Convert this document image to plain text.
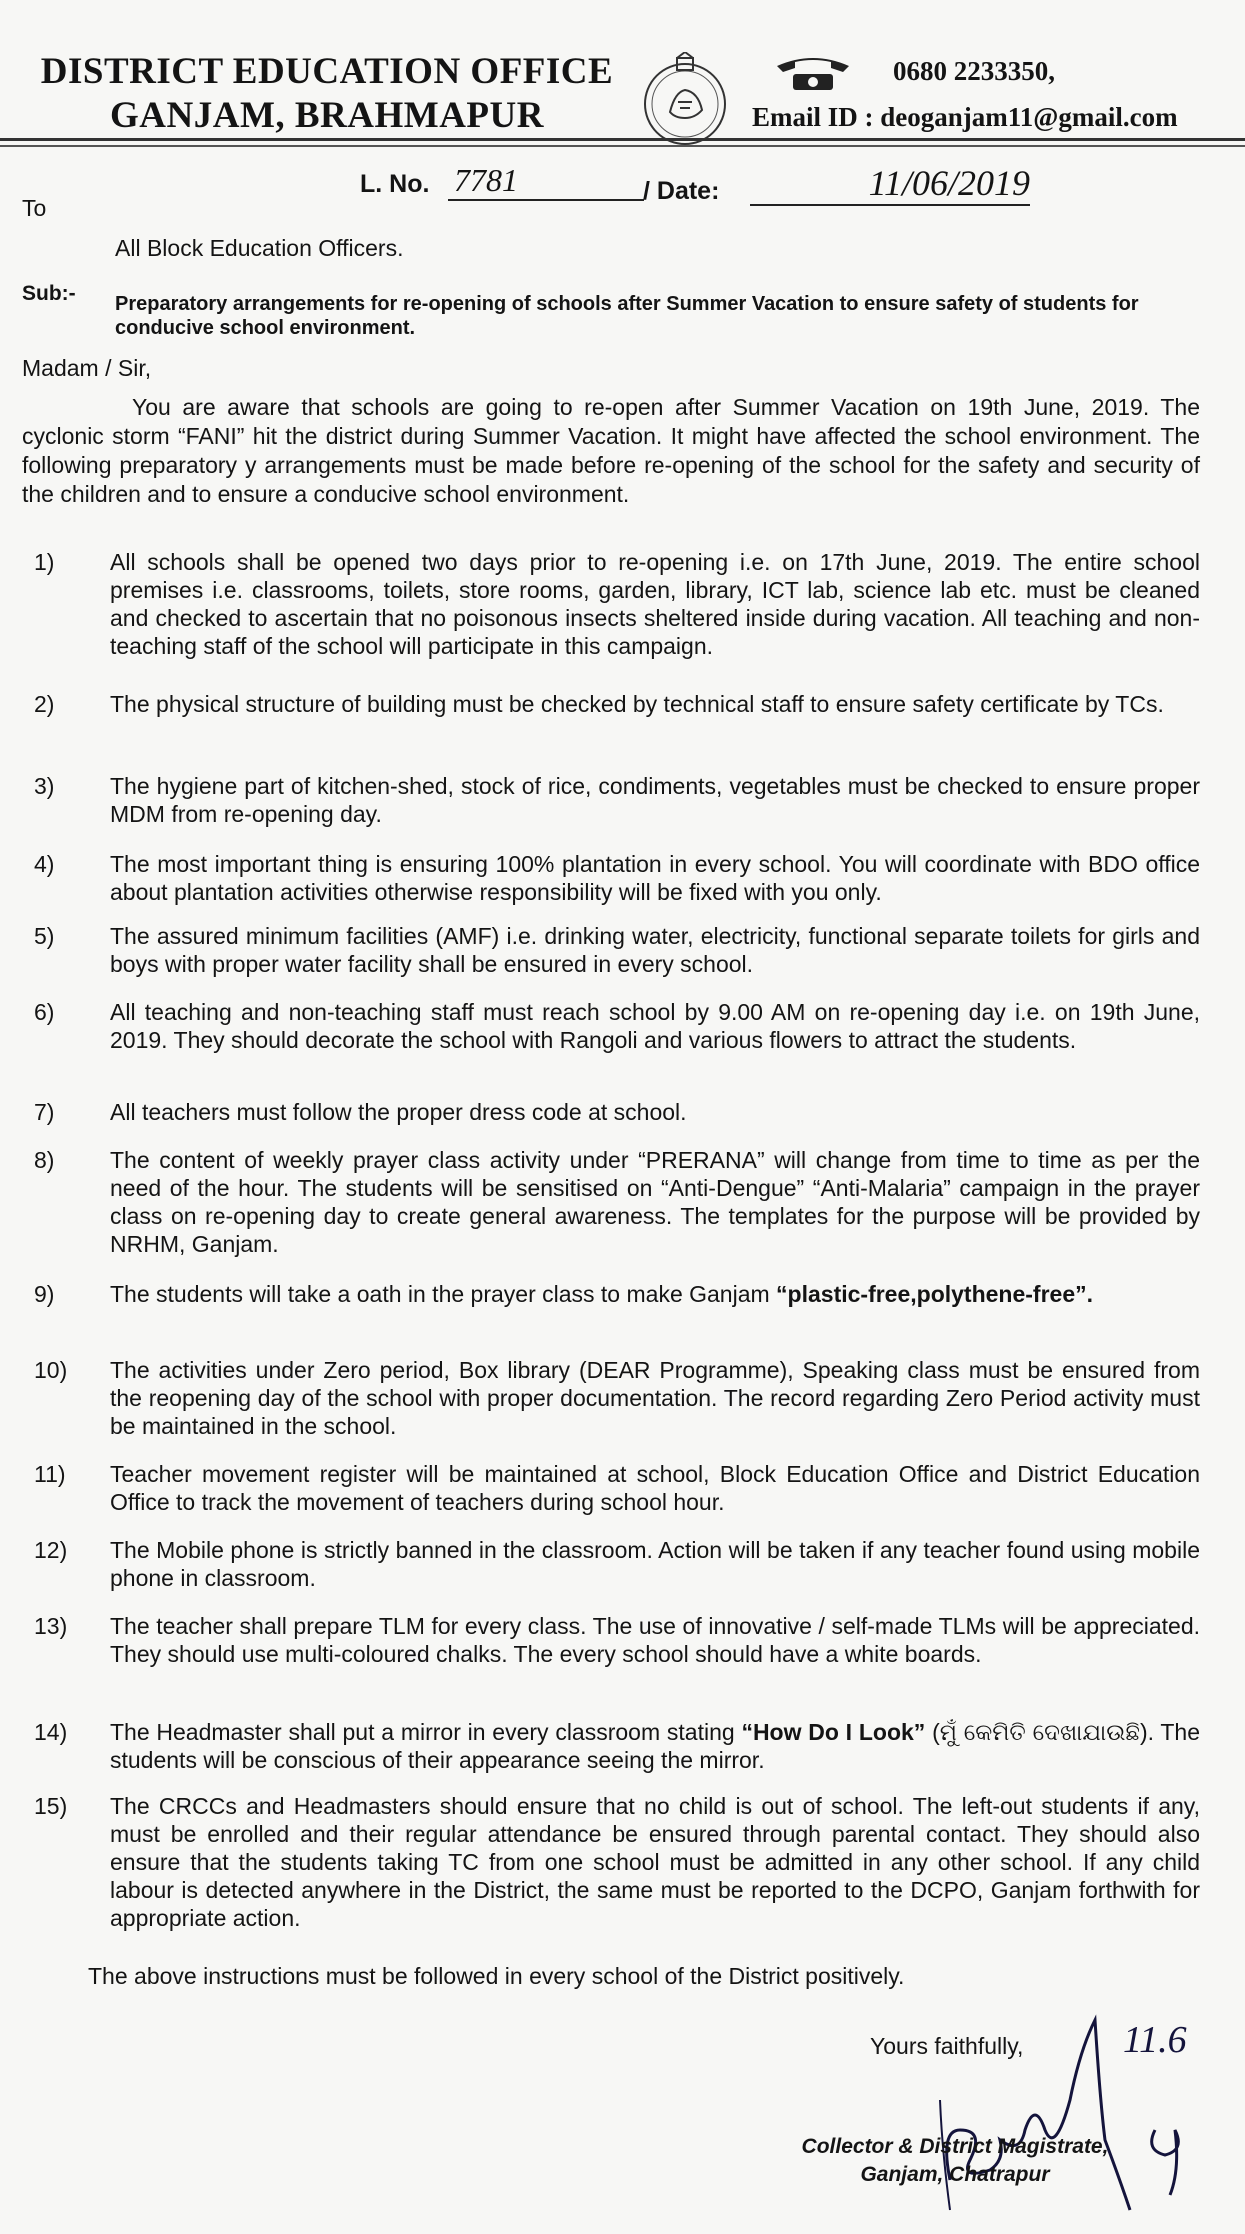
DISTRICT EDUCATION OFFICE
GANJAM, BRAHMAPUR
0680 2233350,
Email ID : deoganjam11@gmail.com
To
L. No. 7781	/ Date:	11/06/2019
All Block Education Officers.
Sub:- Preparatory arrangements for re-opening of schools after Summer Vacation to ensure safety of students for conducive school environment.
Madam / Sir,

You are aware that schools are going to re-open after Summer Vacation on 19th June, 2019. The cyclonic storm “FANI” hit the district during Summer Vacation. It might have affected the school environment. The following preparatory y arrangements must be made before re-opening of the school for the safety and security of the children and to ensure a conducive school environment.

1)	All schools shall be opened two days prior to re-opening i.e. on 17th June, 2019. The entire school premises i.e. classrooms, toilets, store rooms, garden, library, ICT lab, science lab etc. must be cleaned and checked to ascertain that no poisonous insects sheltered inside during vacation. All teaching and non-teaching staff of the school will participate in this campaign.
2)	The physical structure of building must be checked by technical staff to ensure safety certificate by TCs.
3)	The hygiene part of kitchen-shed, stock of rice, condiments, vegetables must be checked to ensure proper MDM from re-opening day.
4)	The most important thing is ensuring 100% plantation in every school. You will coordinate with BDO office about plantation activities otherwise responsibility will be fixed with you only.
5)	The assured minimum facilities (AMF) i.e. drinking water, electricity, functional separate toilets for girls and boys with proper water facility shall be ensured in every school.
6)	All teaching and non-teaching staff must reach school by 9.00 AM on re-opening day i.e. on 19th June, 2019. They should decorate the school with Rangoli and various flowers to attract the students.
7)	All teachers must follow the proper dress code at school.
8)	The content of weekly prayer class activity under “PRERANA” will change from time to time as per the need of the hour. The students will be sensitised on “Anti-Dengue” “Anti-Malaria” campaign in the prayer class on re-opening day to create general awareness. The templates for the purpose will be provided by NRHM, Ganjam.
9)	The students will take a oath in the prayer class to make Ganjam “plastic-free,polythene-free”.
10)	The activities under Zero period, Box library (DEAR Programme), Speaking class must be ensured from the reopening day of the school with proper documentation. The record regarding Zero Period activity must be maintained in the school.
11)	Teacher movement register will be maintained at school, Block Education Office and District Education Office to track the movement of teachers during school hour.
12)	The Mobile phone is strictly banned in the classroom. Action will be taken if any teacher found using mobile phone in classroom.
13)	The teacher shall prepare TLM for every class. The use of innovative / self-made TLMs will be appreciated. They should use multi-coloured chalks. The every school should have a white boards.
14)	The Headmaster shall put a mirror in every classroom stating “How Do I Look” (ମୁଁ କେମିତି ଦେଖାଯାଉଛି). The students will be conscious of their appearance seeing the mirror.
15)	The CRCCs and Headmasters should ensure that no child is out of school. The left-out students if any, must be enrolled and their regular attendance be ensured through parental contact. They should also ensure that the students taking TC from one school must be admitted in any other school. If any child labour is detected anywhere in the District, the same must be reported to the DCPO, Ganjam forthwith for appropriate action.
The above instructions must be followed in every school of the District positively.
Yours faithfully,	11.6
Collector & District Magistrate,
Ganjam, Chatrapur
